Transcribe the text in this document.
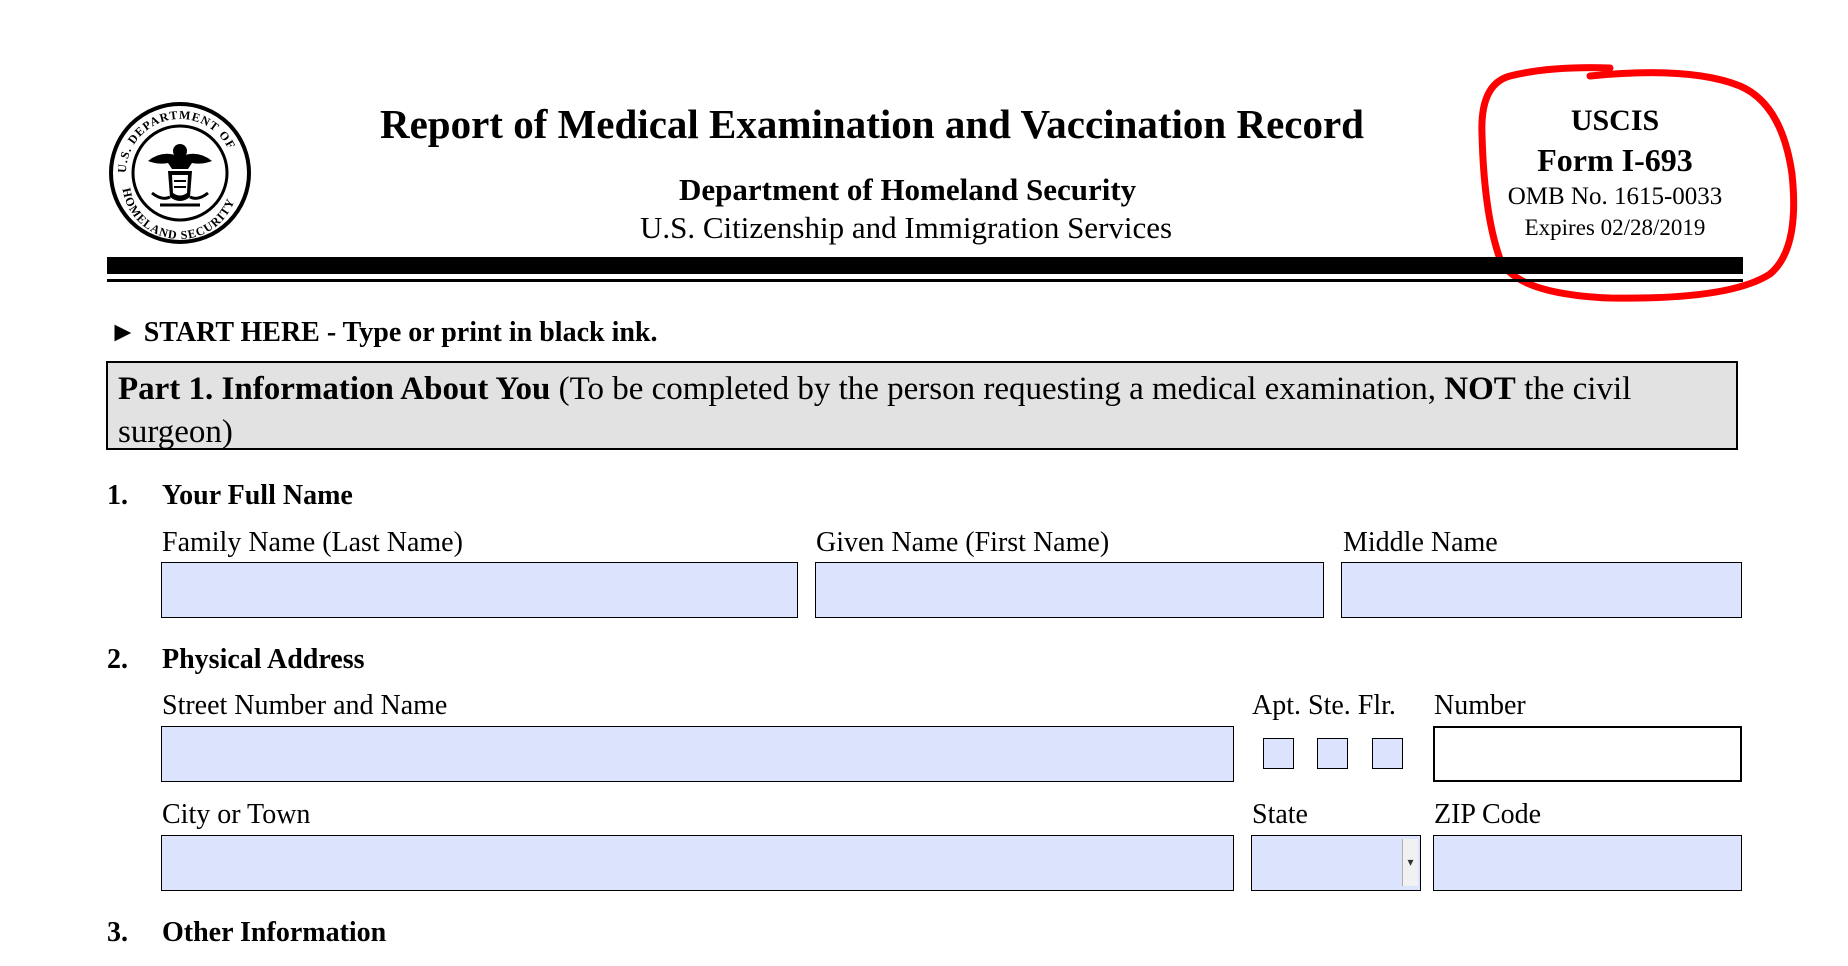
U.S. DEPARTMENT OF
HOMELAND SECURITY
Report of Medical Examination and Vaccination Record
Department of Homeland Security
U.S. Citizenship and Immigration Services
USCIS
Form I-693
OMB No. 1615-0033
Expires 02/28/2019
► START HERE - Type or print in black ink.
Part 1. Information About You (To be completed by the person requesting a medical examination, NOT the civil surgeon)
1. Your Full Name
Family Name (Last Name)	Given Name (First Name)	Middle Name
2. Physical Address
Street Number and Name	Apt. Ste. Flr. Number
City or Town	State	ZIP Code
▾
3. Other Information
